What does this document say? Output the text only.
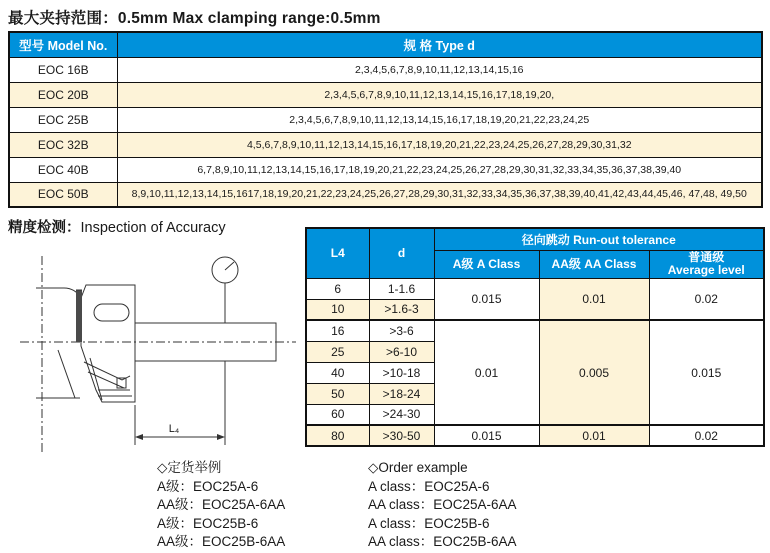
最大夹持范围：0.5mm Max clamping range:0.5mm
型号 Model No.	规 格 Type d
EOC 16B	2,3,4,5,6,7,8,9,10,11,12,13,14,15,16
EOC 20B	2,3,4,5,6,7,8,9,10,11,12,13,14,15,16,17,18,19,20,
EOC 25B	2,3,4,5,6,7,8,9,10,11,12,13,14,15,16,17,18,19,20,21,22,23,24,25
EOC 32B	4,5,6,7,8,9,10,11,12,13,14,15,16,17,18,19,20,21,22,23,24,25,26,27,28,29,30,31,32
EOC 40B	6,7,8,9,10,11,12,13,14,15,16,17,18,19,20,21,22,23,24,25,26,27,28,29,30,31,32,33,34,35,36,37,38,39,40
EOC 50B	8,9,10,11,12,13,14,15,1617,18,19,20,21,22,23,24,25,26,27,28,29,30,31,32,33,34,35,36,37,38,39,40,41,42,43,44,45,46, 47,48, 49,50
精度检测：Inspection of Accuracy
L₄
L4	d	径向跳动 Run-out tolerance		
		A级 A Class	AA级 AA Class	普通级
Average level
6	1-1.6	0.015	0.01	0.02
10	>1.6-3			
16	>3-6	0.01	0.005	0.015
25	>6-10			
40	>10-18			
50	>18-24			
60	>24-30			
80	>30-50	0.015	0.01	0.02
◇定货举例
A级：EOC25A-6
AA级：EOC25A-6AA
A级：EOC25B-6
AA级：EOC25B-6AA
◇Order example
A class：EOC25A-6
AA class：EOC25A-6AA
A class：EOC25B-6
AA class：EOC25B-6AA
